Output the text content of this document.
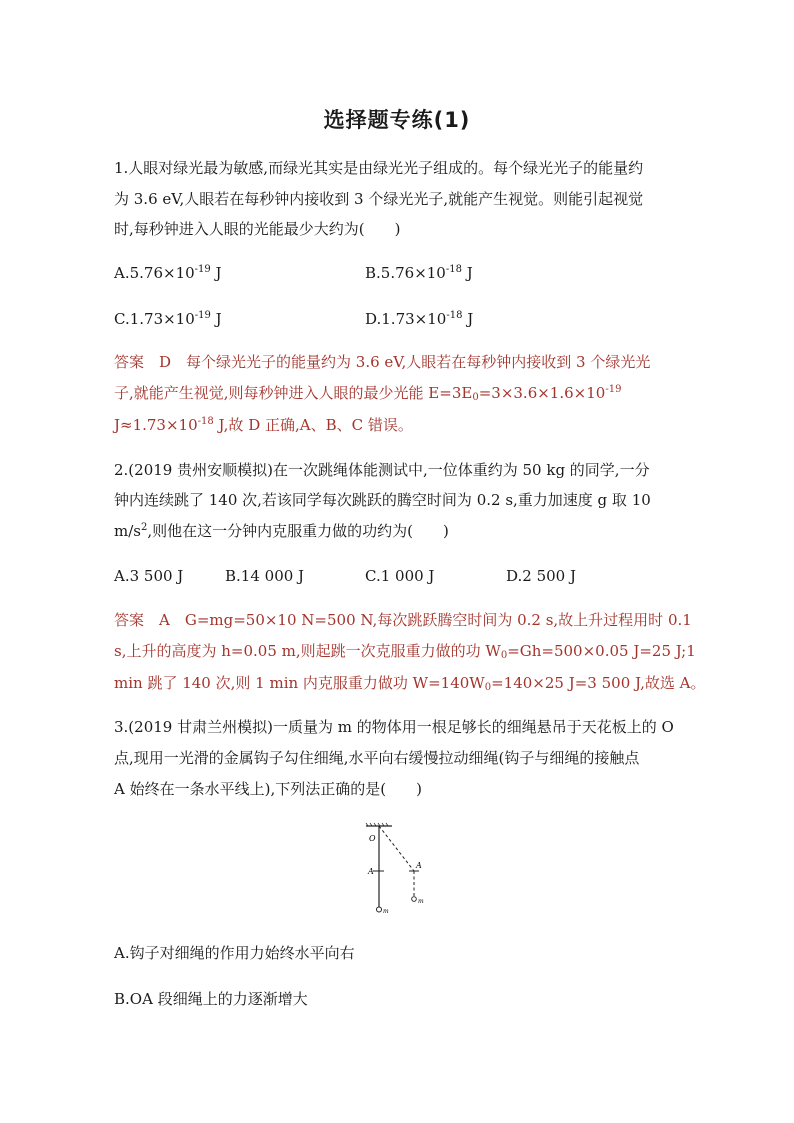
选择题专练(1)
1.人眼对绿光最为敏感,而绿光其实是由绿光光子组成的。每个绿光光子的能量约
为 3.6 eV,人眼若在每秒钟内接收到 3 个绿光光子,就能产生视觉。则能引起视觉
时,每秒钟进入人眼的光能最少大约为(　　)
$A.5.76\times 10^{-19}$ J	$B.5.76\times 10^{-18}$ J
$C.1.73\times 10^{-19}$ J	$D.1.73\times 10^{-18}$ J
答案　D　每个绿光光子的能量约为 3.6 eV,人眼若在每秒钟内接收到 3 个绿光光
子,就能产生视觉,则每秒钟进入人眼的最少光能 $E=3E_0=3\times 3.6\times 1.6\times 10^{-19}$
$J\approx 1.73\times 10^{-18}$ J,故 D 正确,A、B、C 错误。
2.(2019 贵州安顺模拟)在一次跳绳体能测试中,一位体重约为 50 kg 的同学,一分
钟内连续跳了 140 次,若该同学每次跳跃的腾空时间为 0.2 s,重力加速度 g 取 10
$m/s^2$,则他在这一分钟内克服重力做的功约为(　　)
A.3 500 J	B.14 000 J	C.1 000 J	D.2 500 J
答案　A　G=mg=50×10 N=500 N,每次跳跃腾空时间为 0.2 s,故上升过程用时 0.1
s,上升的高度为 h=0.05 m,则起跳一次克服重力做的功 $W_0=Gh=500\times 0.05$ J=25 J;1
min 跳了 140 次,则 1 min 内克服重力做功 $W=140W_0=140\times 25$ J=3 500 J,故选 A。
3.(2019 甘肃兰州模拟)一质量为 m 的物体用一根足够长的细绳悬吊于天花板上的 O
点,现用一光滑的金属钩子勾住细绳,水平向右缓慢拉动细绳(钩子与细绳的接触点
A 始终在一条水平线上),下列法正确的是(　　)
O
A
A
m
m
A.钩子对细绳的作用力始终水平向右
B.OA 段细绳上的力逐渐增大
